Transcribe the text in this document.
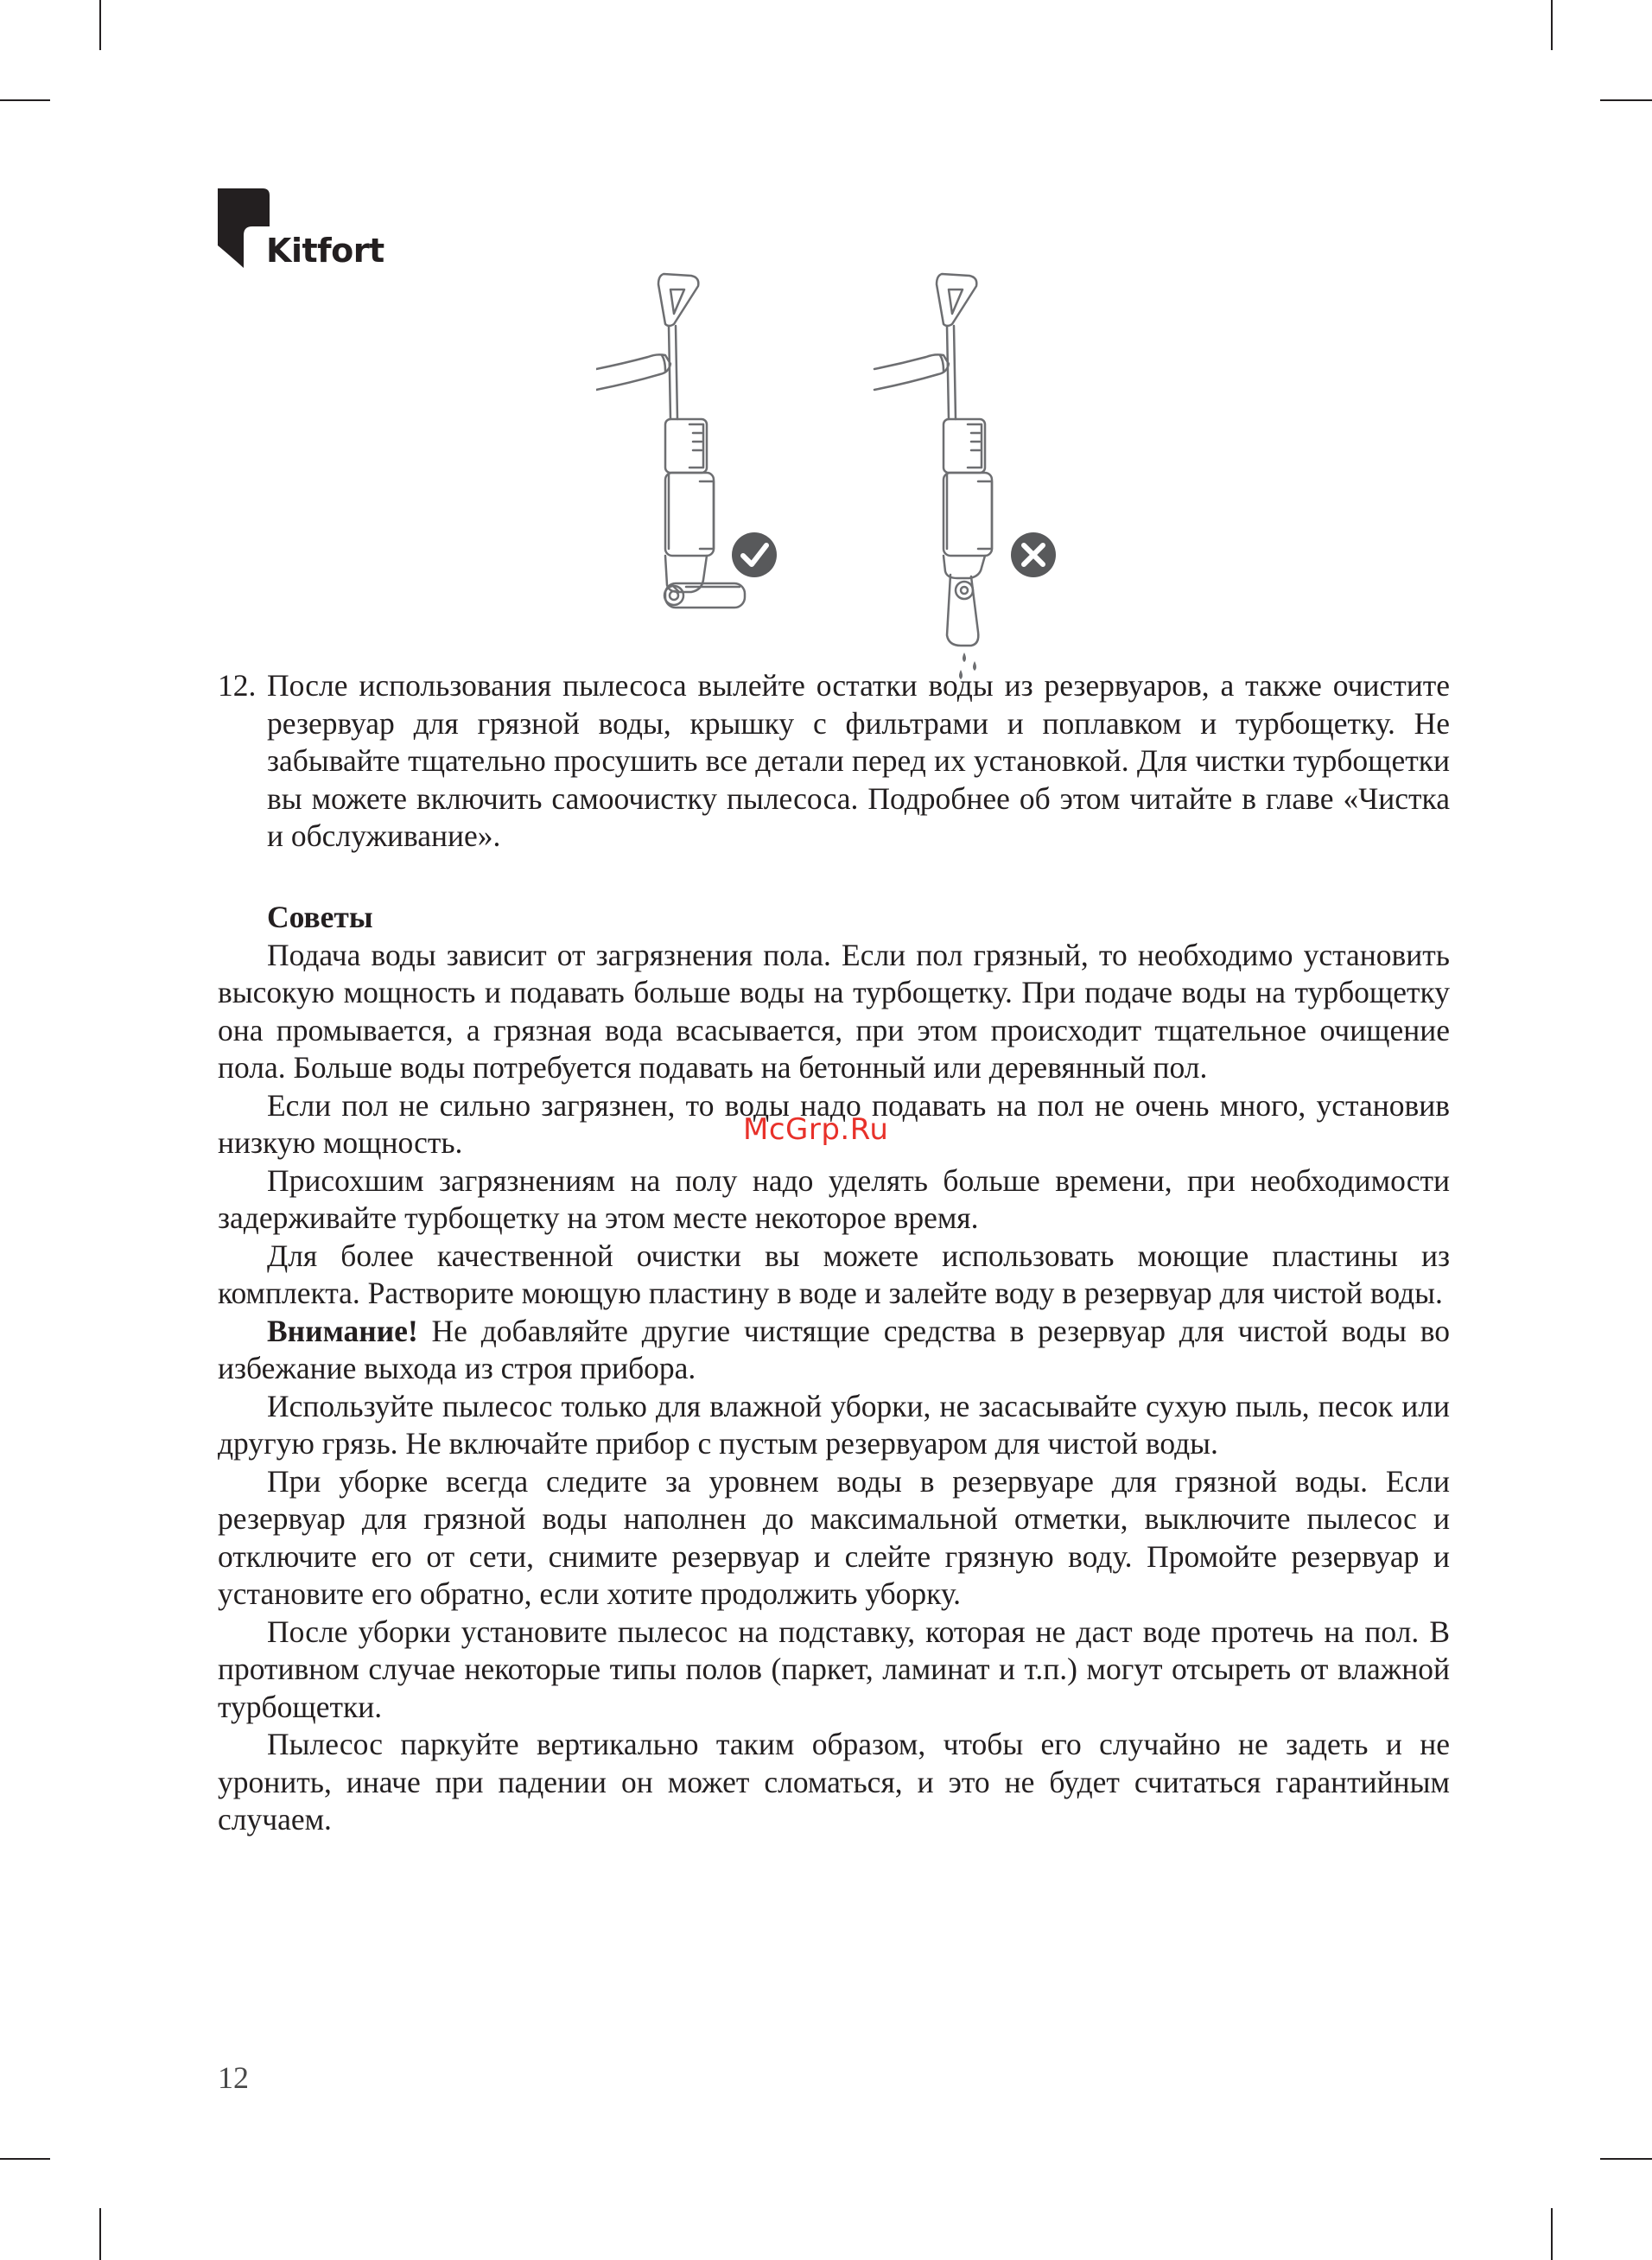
Kitfort
12. После использования пылесоса вылейте остатки воды из резервуаров, а также очистите резервуар для грязной воды, крышку с фильтрами и поплавком и турбощетку. Не забывайте тщательно просушить все детали перед их установкой. Для чистки турбощетки вы можете включить самоочистку пылесоса. Подробнее об этом читайте в главе «Чистка и обслуживание».
Советы

Подача воды зависит от загрязнения пола. Если пол грязный, то необходимо установить высокую мощность и подавать больше воды на турбощетку. При подаче воды на турбощетку она промывается, а грязная вода всасывается, при этом происходит тщательное очищение пола. Больше воды потребуется подавать на бетонный или деревянный пол.

Если пол не сильно загрязнен, то воды надо подавать на пол не очень много, установив низкую мощность.

Присохшим загрязнениям на полу надо уделять больше времени, при необходимости задерживайте турбощетку на этом месте некоторое время.

Для более качественной очистки вы можете использовать моющие пластины из комплекта. Растворите моющую пластину в воде и залейте воду в резервуар для чистой воды.

Внимание! Не добавляйте другие чистящие средства в резервуар для чистой воды во избежание выхода из строя прибора.

Используйте пылесос только для влажной уборки, не засасывайте сухую пыль, песок или другую грязь. Не включайте прибор с пустым резервуаром для чистой воды.

При уборке всегда следите за уровнем воды в резервуаре для грязной воды. Если резервуар для грязной воды наполнен до максимальной отметки, выключите пылесос и отключите его от сети, снимите резервуар и слейте грязную воду. Промойте резервуар и установите его обратно, если хотите продолжить уборку.

После уборки установите пылесос на подставку, которая не даст воде протечь на пол. В противном случае некоторые типы полов (паркет, ламинат и т.п.) могут отсыреть от влажной турбощетки.

Пылесос паркуйте вертикально таким образом, чтобы его случайно не задеть и не уронить, иначе при падении он может сломаться, и это не будет считаться гарантийным случаем.

McGrp.Ru
12
